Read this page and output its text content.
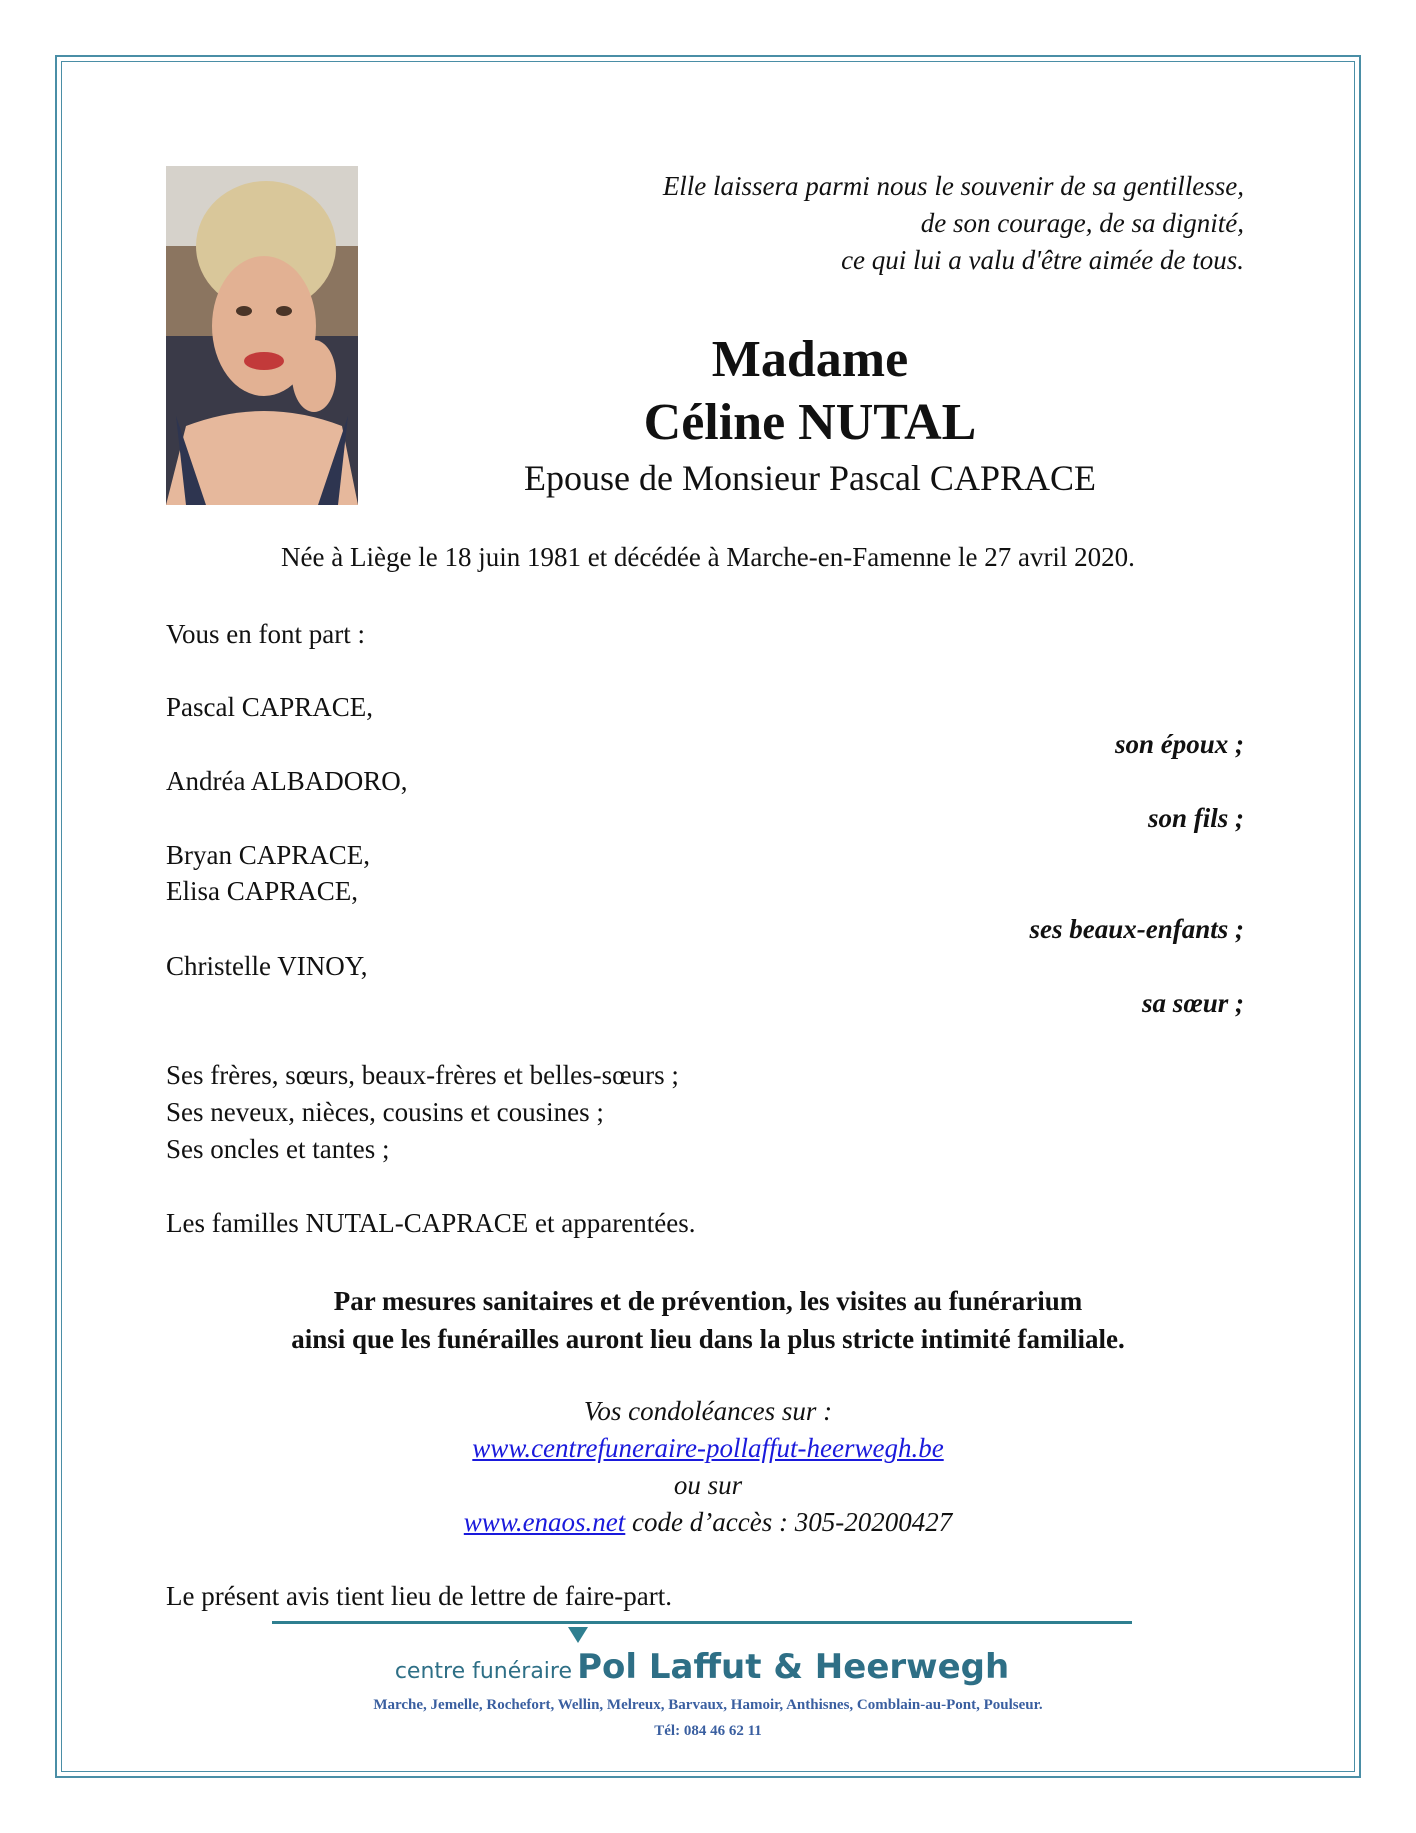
Elle laissera parmi nous le souvenir de sa gentillesse,
de son courage, de sa dignité,
ce qui lui a valu d'être aimée de tous.
Madame
Céline NUTAL
Epouse de Monsieur Pascal CAPRACE
Née à Liège le 18 juin 1981 et décédée à Marche-en-Famenne le 27 avril 2020.
Vous en font part :
Pascal CAPRACE,
son époux ;
Andréa ALBADORO,
son fils ;
Bryan CAPRACE,
Elisa CAPRACE,
ses beaux-enfants ;
Christelle VINOY,
sa sœur ;
Ses frères, sœurs, beaux-frères et belles-sœurs ;
Ses neveux, nièces, cousins et cousines ;
Ses oncles et tantes ;
Les familles NUTAL-CAPRACE et apparentées.
Par mesures sanitaires et de prévention, les visites au funérarium
ainsi que les funérailles auront lieu dans la plus stricte intimité familiale.
Vos condoléances sur :
www.centrefuneraire-pollaffut-heerwegh.be
ou sur
www.enaos.net code d’accès : 305-20200427
Le présent avis tient lieu de lettre de faire-part.
centre funéraire Pol Laffut & Heerwegh
Marche, Jemelle, Rochefort, Wellin, Melreux, Barvaux, Hamoir, Anthisnes, Comblain-au-Pont, Poulseur.
Tél: 084 46 62 11
